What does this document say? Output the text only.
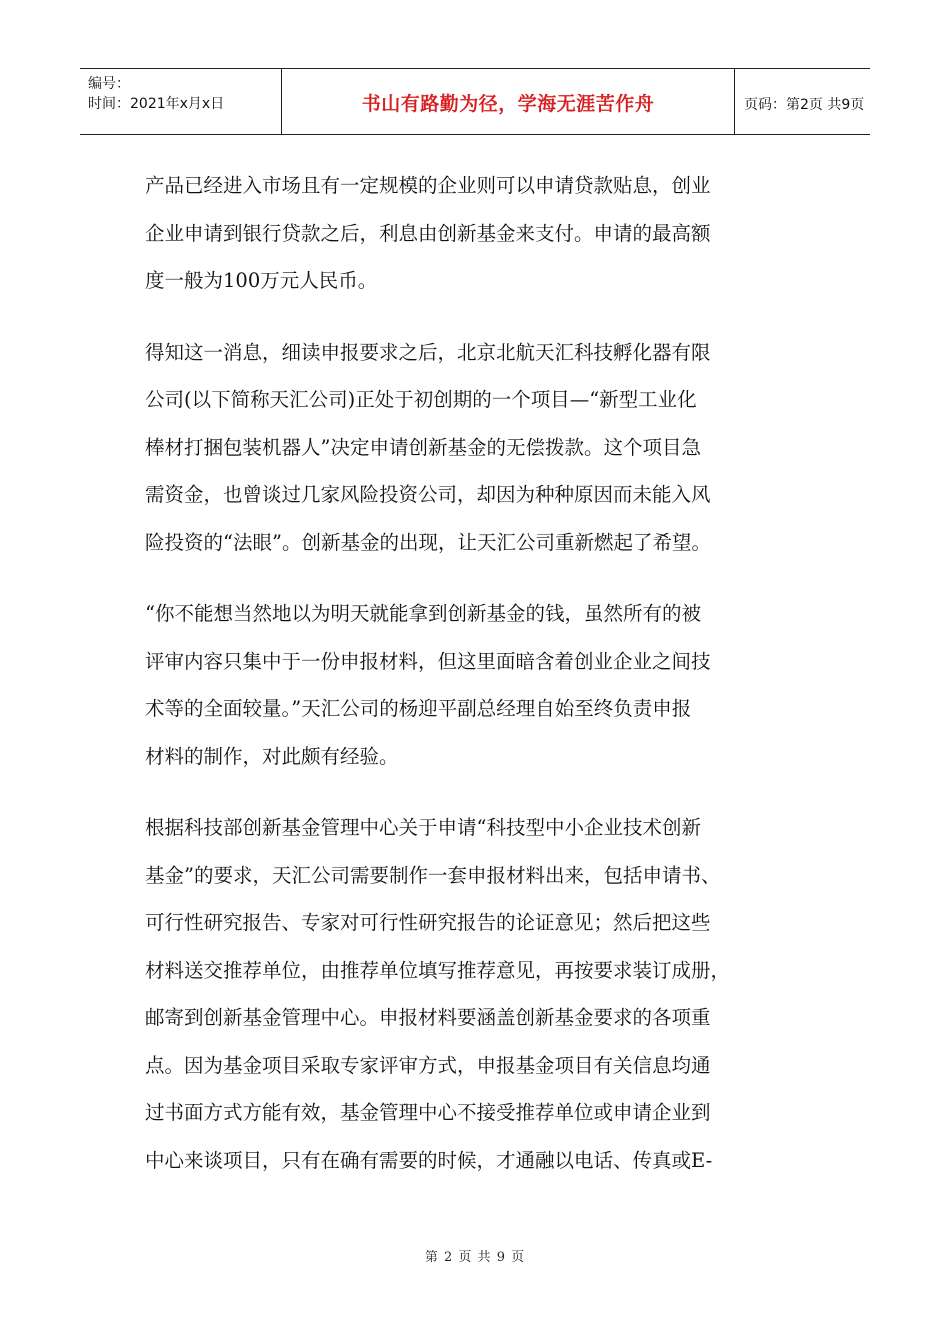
编号：
时间：2021年x月x日	书山有路勤为径，学海无涯苦作舟	页码：第2页 共9页

产品已经进入市场且有一定规模的企业则可以申请贷款贴息，创业
企业申请到银行贷款之后，利息由创新基金来支付。申请的最高额
度一般为100万元人民币。

得知这一消息，细读申报要求之后，北京北航天汇科技孵化器有限
公司(以下简称天汇公司)正处于初创期的一个项目—“新型工业化
棒材打捆包装机器人”决定申请创新基金的无偿拨款。这个项目急
需资金，也曾谈过几家风险投资公司，却因为种种原因而未能入风
险投资的“法眼”。创新基金的出现，让天汇公司重新燃起了希望。

“你不能想当然地以为明天就能拿到创新基金的钱，虽然所有的被
评审内容只集中于一份申报材料，但这里面暗含着创业企业之间技
术等的全面较量。”天汇公司的杨迎平副总经理自始至终负责申报
材料的制作，对此颇有经验。

根据科技部创新基金管理中心关于申请“科技型中小企业技术创新
基金”的要求，天汇公司需要制作一套申报材料出来，包括申请书、
可行性研究报告、专家对可行性研究报告的论证意见；然后把这些
材料送交推荐单位，由推荐单位填写推荐意见，再按要求装订成册，
邮寄到创新基金管理中心。申报材料要涵盖创新基金要求的各项重
点。因为基金项目采取专家评审方式，申报基金项目有关信息均通
过书面方式方能有效，基金管理中心不接受推荐单位或申请企业到
中心来谈项目，只有在确有需要的时候，才通融以电话、传真或E-

第 2 页 共 9 页
